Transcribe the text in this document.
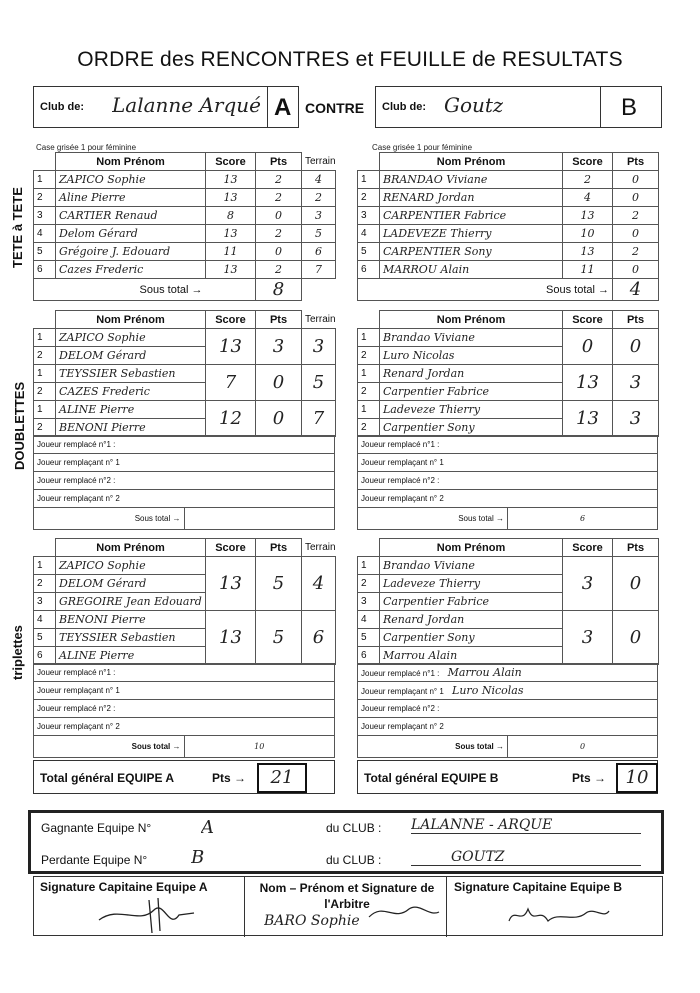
ORDRE des RENCONTRES et FEUILLE de RESULTATS
Club de: Lalanne Arqué A CONTRE Club de: Goutz	B
Case grisée 1 pour féminine	Case grisée 1 pour féminine
TETE à TETE
DOUBLETTES
triplettes
	Nom Prénom	Score	Pts	Terrain
1	ZAPICO Sophie	13	2	4
2	Aline Pierre	13	2	2
3	CARTIER Renaud	8	0	3
4	Delom Gérard	13	2	5
5	Grégoire J. Edouard	11	0	6
6	Cazes Frederic	13	2	7
Sous total →			8	
	Nom Prénom	Score	Pts
1	BRANDAO Viviane	2	0
2	RENARD Jordan	4	0
3	CARPENTIER Fabrice	13	2
4	LADEVEZE Thierry	10	0
5	CARPENTIER Sony	13	2
6	MARROU Alain	11	0
Sous total →			4
	Nom Prénom	Score	Pts	Terrain
1	ZAPICO Sophie	13	3	3
2	DELOM Gérard			
1	TEYSSIER Sebastien	7	0	5
2	CAZES Frederic			
1	ALINE Pierre	12	0	7
2	BENONI Pierre			
Joueur remplacé n°1 :
Joueur remplaçant n° 1
Joueur remplacé n°2 :
Joueur remplaçant n° 2
Sous total →	
	Nom Prénom	Score	Pts
1	Brandao Viviane	0	0
2	Luro Nicolas		
1	Renard Jordan	13	3
2	Carpentier Fabrice		
1	Ladeveze Thierry	13	3
2	Carpentier Sony		
Joueur remplacé n°1 :
Joueur remplaçant n° 1
Joueur remplacé n°2 :
Joueur remplaçant n° 2
Sous total →	6
	Nom Prénom	Score	Pts	Terrain
1	ZAPICO Sophie	13	5	4
2	DELOM Gérard			
3	GREGOIRE Jean Edouard			
4	BENONI Pierre	13	5	6
5	TEYSSIER Sebastien			
6	ALINE Pierre			
Joueur remplacé n°1 :
Joueur remplaçant n° 1
Joueur remplacé n°2 :
Joueur remplaçant n° 2
Sous total →	10
	Nom Prénom	Score	Pts
1	Brandao Viviane	3	0
2	Ladeveze Thierry		
3	Carpentier Fabrice		
4	Renard Jordan	3	0
5	Carpentier Sony		
6	Marrou Alain		
Joueur remplacé n°1 : Marrou Alain
Joueur remplaçant n° 1 Luro Nicolas
Joueur remplacé n°2 :
Joueur remplaçant n° 2
Sous total →	0
Total général EQUIPE A	Pts →	21	Total général EQUIPE B	Pts →	10
Gagnante Equipe N°	A	du CLUB : LALANNE - ARQUE
Perdante Equipe N° B	du CLUB :	GOUTZ
Signature Capitaine Equipe A	Nom – Prénom et Signature de l'Arbitre
Signature Capitaine Equipe B
BARO Sophie
